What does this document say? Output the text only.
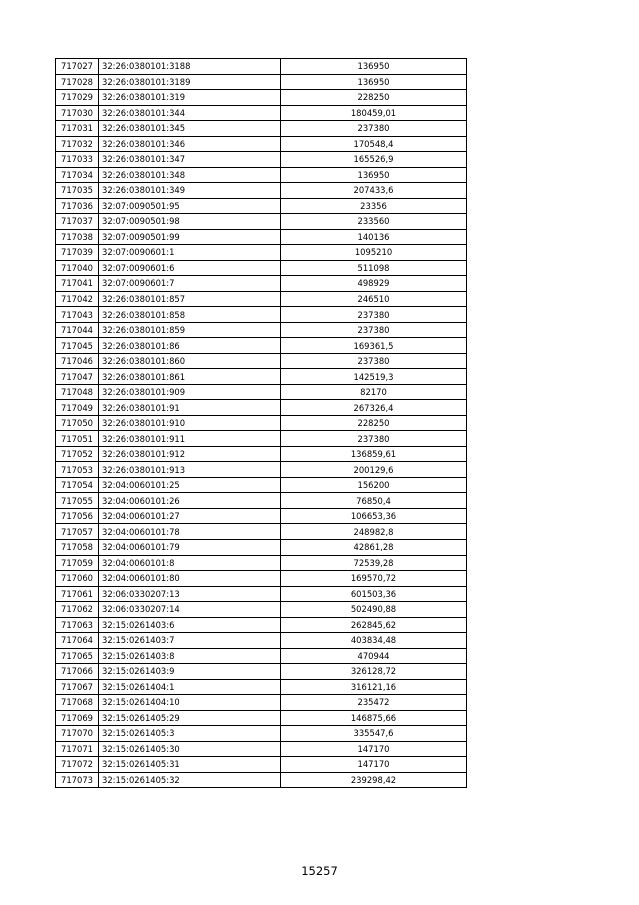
717027	32:26:0380101:3188	136950
717028	32:26:0380101:3189	136950
717029	32:26:0380101:319	228250
717030	32:26:0380101:344	180459,01
717031	32:26:0380101:345	237380
717032	32:26:0380101:346	170548,4
717033	32:26:0380101:347	165526,9
717034	32:26:0380101:348	136950
717035	32:26:0380101:349	207433,6
717036	32:07:0090501:95	23356
717037	32:07:0090501:98	233560
717038	32:07:0090501:99	140136
717039	32:07:0090601:1	1095210
717040	32:07:0090601:6	511098
717041	32:07:0090601:7	498929
717042	32:26:0380101:857	246510
717043	32:26:0380101:858	237380
717044	32:26:0380101:859	237380
717045	32:26:0380101:86	169361,5
717046	32:26:0380101:860	237380
717047	32:26:0380101:861	142519,3
717048	32:26:0380101:909	82170
717049	32:26:0380101:91	267326,4
717050	32:26:0380101:910	228250
717051	32:26:0380101:911	237380
717052	32:26:0380101:912	136859,61
717053	32:26:0380101:913	200129,6
717054	32:04:0060101:25	156200
717055	32:04:0060101:26	76850,4
717056	32:04:0060101:27	106653,36
717057	32:04:0060101:78	248982,8
717058	32:04:0060101:79	42861,28
717059	32:04:0060101:8	72539,28
717060	32:04:0060101:80	169570,72
717061	32:06:0330207:13	601503,36
717062	32:06:0330207:14	502490,88
717063	32:15:0261403:6	262845,62
717064	32:15:0261403:7	403834,48
717065	32:15:0261403:8	470944
717066	32:15:0261403:9	326128,72
717067	32:15:0261404:1	316121,16
717068	32:15:0261404:10	235472
717069	32:15:0261405:29	146875,66
717070	32:15:0261405:3	335547,6
717071	32:15:0261405:30	147170
717072	32:15:0261405:31	147170
717073	32:15:0261405:32	239298,42
15257
